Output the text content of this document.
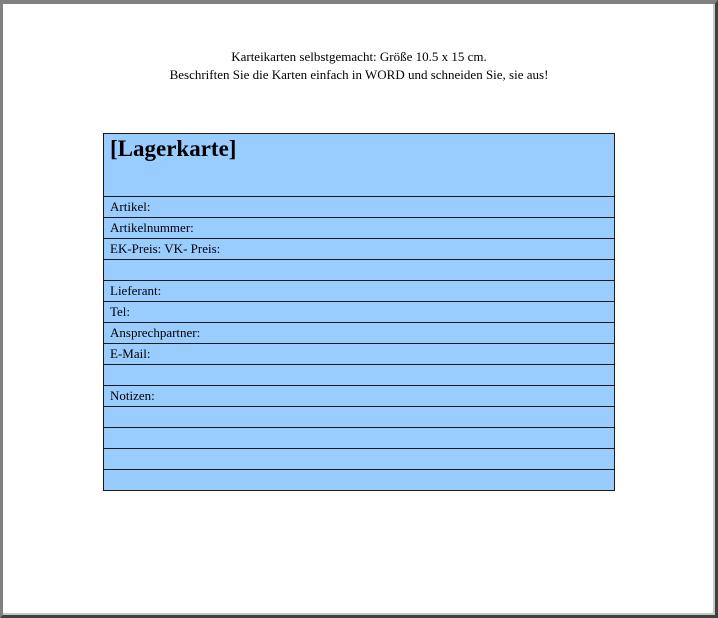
Karteikarten selbstgemacht: Größe 10.5 x 15 cm.
Beschriften Sie die Karten einfach in WORD und schneiden Sie, sie aus!
[Lagerkarte]

Artikel:
Artikelnummer:
EK-Preis: VK- Preis:

Lieferant:
Tel:
Ansprechpartner:
E-Mail:

Notizen:
